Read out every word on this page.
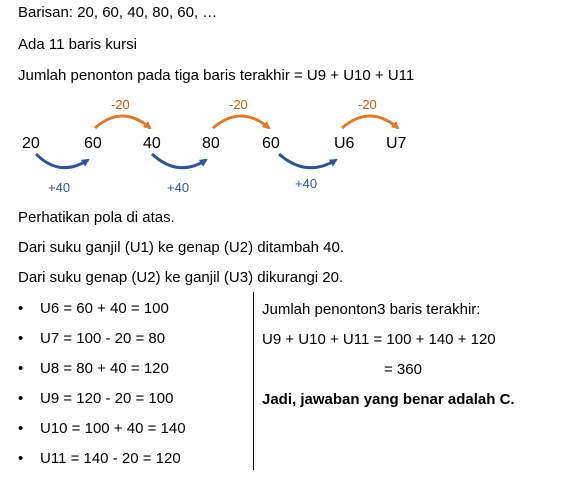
Barisan: 20, 60, 40, 80, 60, …
Ada 11 baris kursi
Jumlah penonton pada tiga baris terakhir = U9 + U10 + U11
-20	-20	-20
20	60	40	80	60	U6 U7
+40	+40	+40
Perhatikan pola di atas.
Dari suku ganjil (U1) ke genap (U2) ditambah 40.
Dari suku genap (U2) ke ganjil (U3) dikurangi 20.
• U6 = 60 + 40 = 100
• U7 = 100 - 20 = 80
• U8 = 80 + 40 = 120
• U9 = 120 - 20 = 100
• U10 = 100 + 40 = 140
• U11 = 140 - 20 = 120
Jumlah penonton3 baris terakhir:
U9 + U10 + U11 = 100 + 140 + 120
= 360
Jadi, jawaban yang benar adalah C.
